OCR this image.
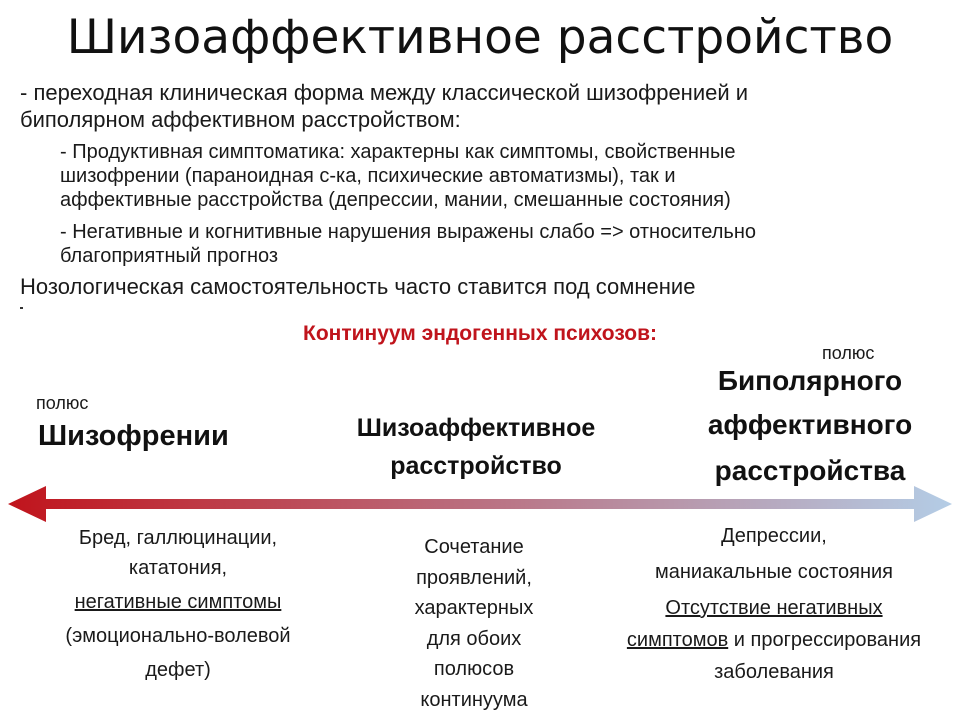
Шизоаффективное расстройство
- переходная клиническая форма между классической шизофренией и
биполярном аффективном расстройством:
- Продуктивная симптоматика: характерны как симптомы, свойственные
шизофрении (параноидная с-ка, психические автоматизмы), так и
аффективные расстройства (депрессии, мании, смешанные состояния)
- Негативные и когнитивные нарушения выражены слабо => относительно
благоприятный прогноз
Нозологическая самостоятельность часто ставится под сомнение
Континуум эндогенных психозов:
полюс
Шизофрении	Шизоаффективное
расстройство
полюс
Биполярного
аффективного
расстройства
Бред, галлюцинации,
кататония,
негативные симптомы
(эмоционально-волевой
дефет)
Сочетание
проявлений,
характерных
для обоих
полюсов
континуума
Депрессии,
маниакальные состояния
Отсутствие негативных
симптомов и прогрессирования
заболевания
